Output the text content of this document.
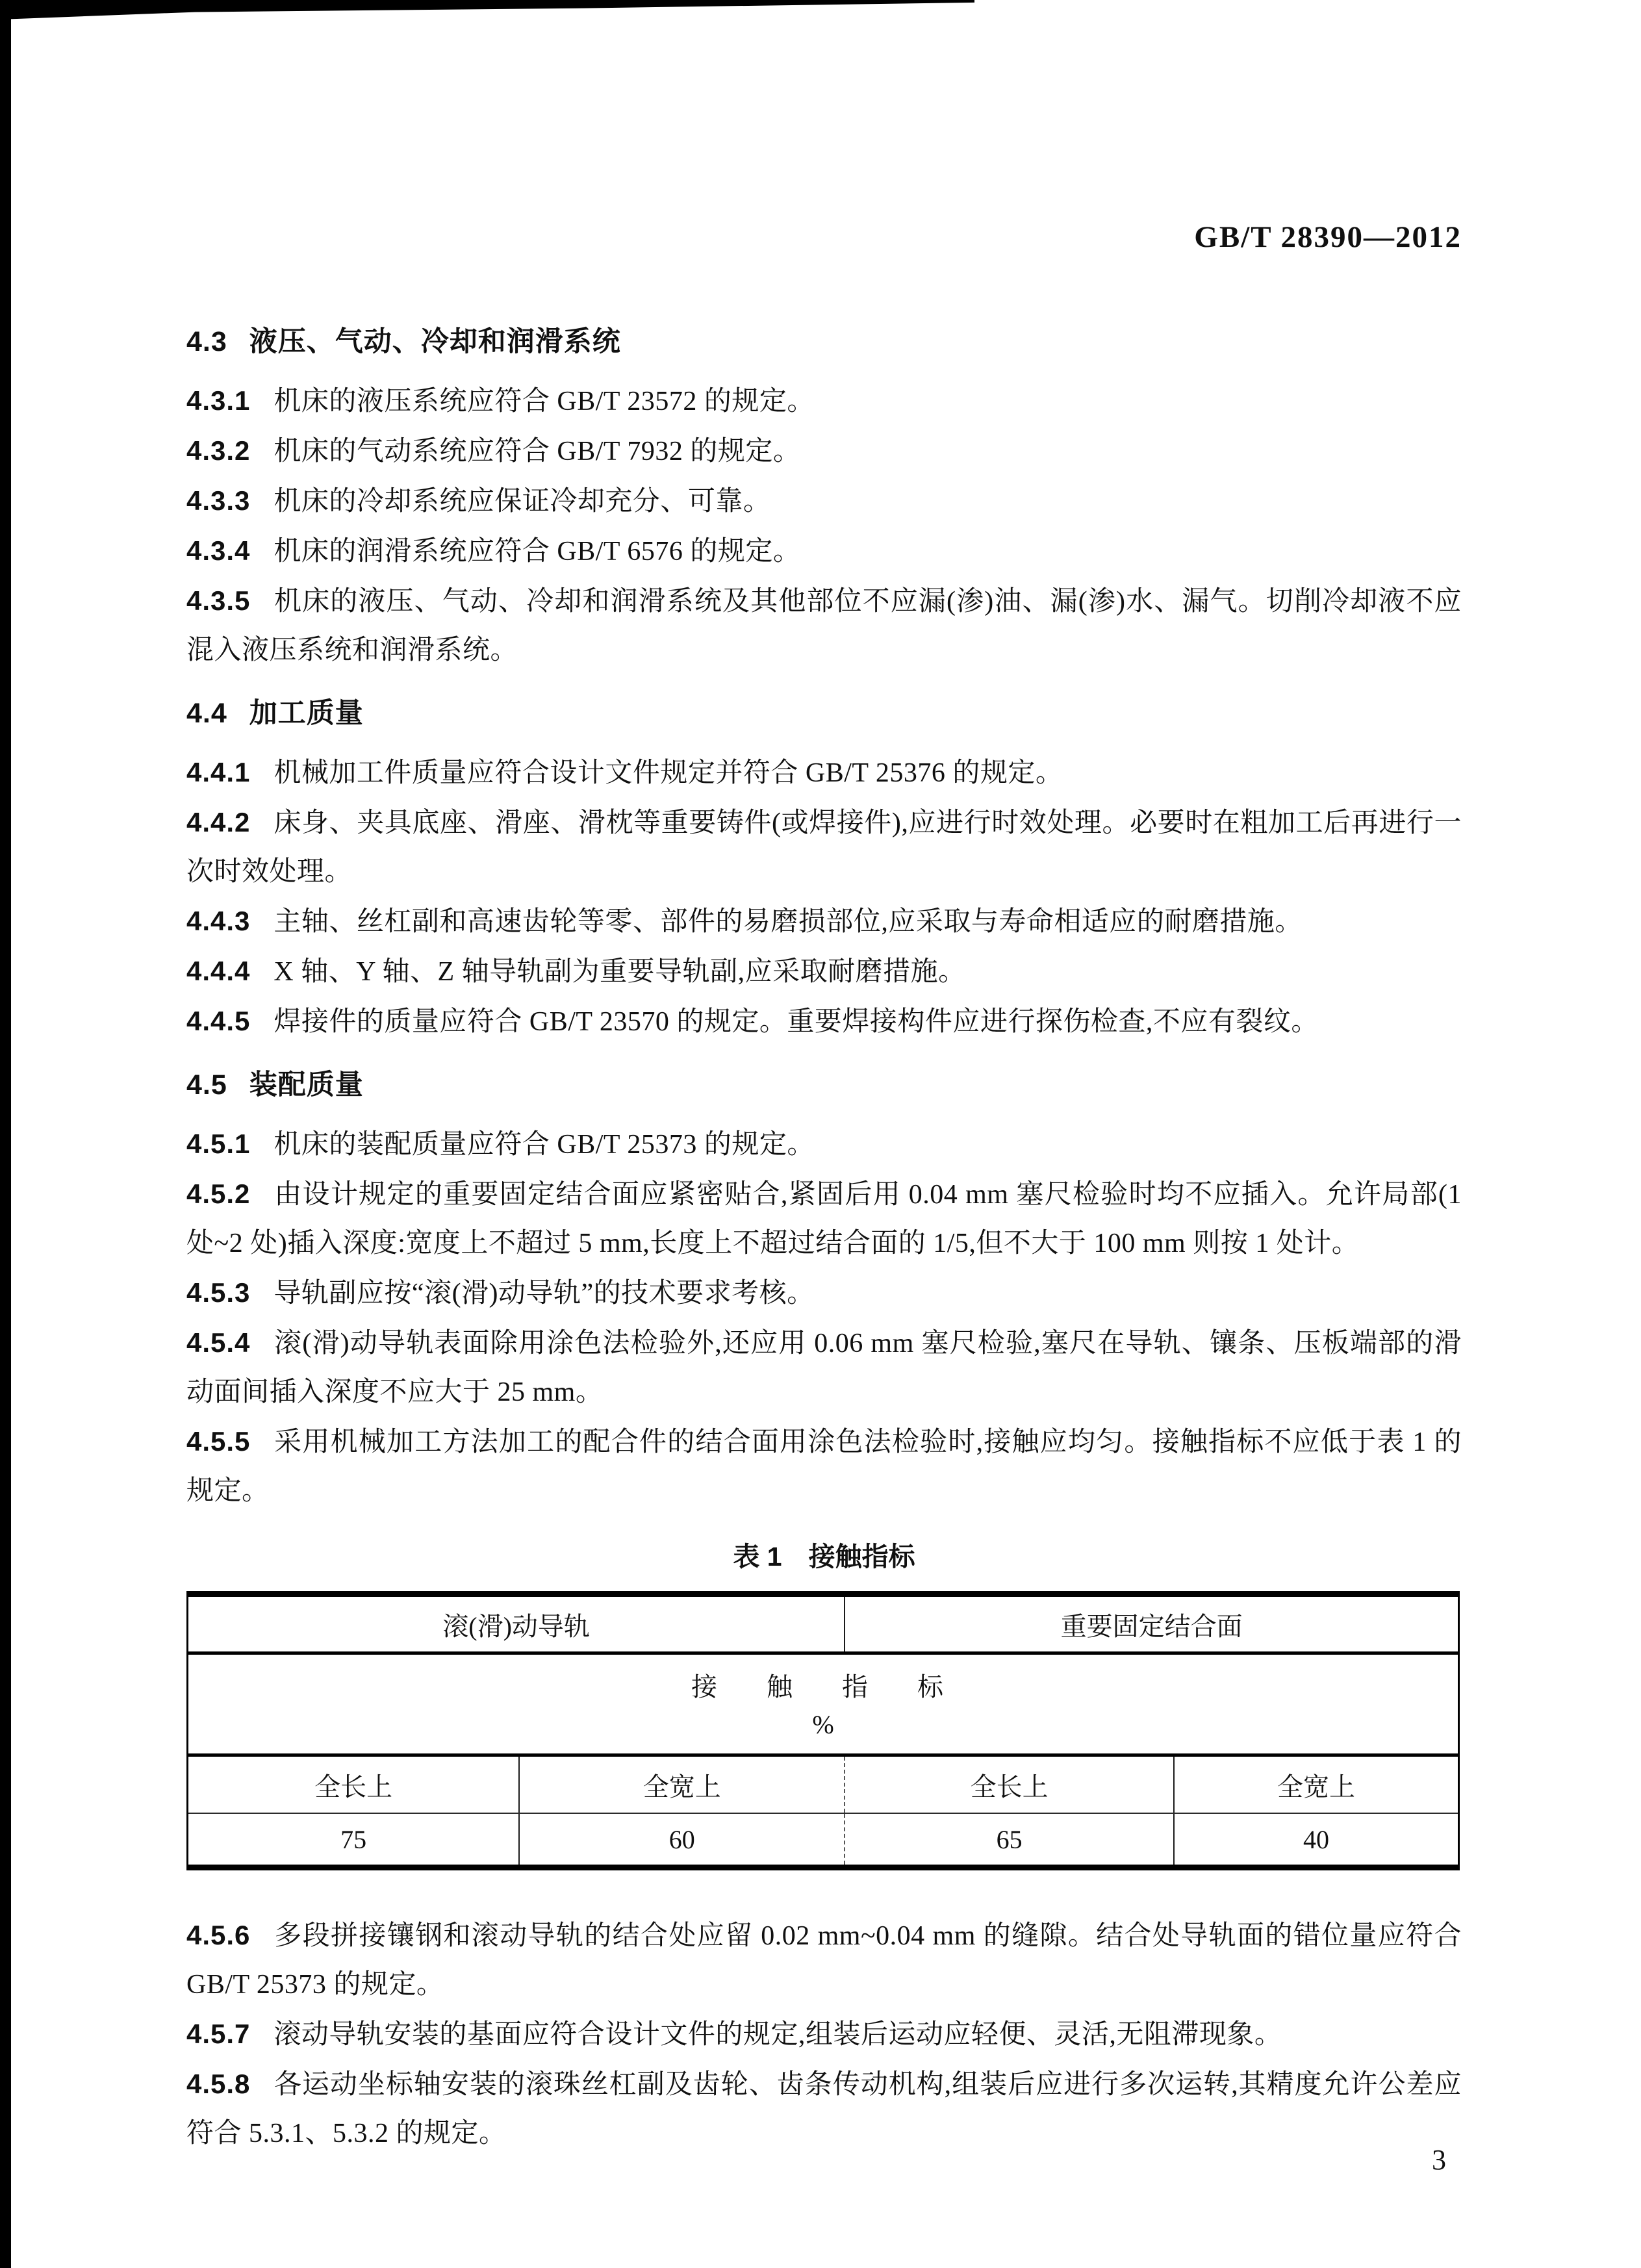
GB/T 28390—2012
4.3 液压、气动、冷却和润滑系统

4.3.1 机床的液压系统应符合 GB/T 23572 的规定。

4.3.2 机床的气动系统应符合 GB/T 7932 的规定。

4.3.3 机床的冷却系统应保证冷却充分、可靠。

4.3.4 机床的润滑系统应符合 GB/T 6576 的规定。

4.3.5 机床的液压、气动、冷却和润滑系统及其他部位不应漏(渗)油、漏(渗)水、漏气。切削冷却液不应混入液压系统和润滑系统。

4.4 加工质量

4.4.1 机械加工件质量应符合设计文件规定并符合 GB/T 25376 的规定。

4.4.2 床身、夹具底座、滑座、滑枕等重要铸件(或焊接件),应进行时效处理。必要时在粗加工后再进行一次时效处理。

4.4.3 主轴、丝杠副和高速齿轮等零、部件的易磨损部位,应采取与寿命相适应的耐磨措施。

4.4.4 X 轴、Y 轴、Z 轴导轨副为重要导轨副,应采取耐磨措施。

4.4.5 焊接件的质量应符合 GB/T 23570 的规定。重要焊接构件应进行探伤检查,不应有裂纹。

4.5 装配质量

4.5.1 机床的装配质量应符合 GB/T 25373 的规定。

4.5.2 由设计规定的重要固定结合面应紧密贴合,紧固后用 0.04 mm 塞尺检验时均不应插入。允许局部(1 处~2 处)插入深度:宽度上不超过 5 mm,长度上不超过结合面的 1/5,但不大于 100 mm 则按 1 处计。

4.5.3 导轨副应按“滚(滑)动导轨”的技术要求考核。

4.5.4 滚(滑)动导轨表面除用涂色法检验外,还应用 0.06 mm 塞尺检验,塞尺在导轨、镶条、压板端部的滑动面间插入深度不应大于 25 mm。

4.5.5 采用机械加工方法加工的配合件的结合面用涂色法检验时,接触应均匀。接触指标不应低于表 1 的规定。

表 1　接触指标
滚(滑)动导轨		重要固定结合面	

接　触　指　标
%			

全长上	全宽上	全长上	全宽上
75	60	65	40

4.5.6 多段拼接镶钢和滚动导轨的结合处应留 0.02 mm~0.04 mm 的缝隙。结合处导轨面的错位量应符合 GB/T 25373 的规定。

4.5.7 滚动导轨安装的基面应符合设计文件的规定,组装后运动应轻便、灵活,无阻滞现象。

4.5.8 各运动坐标轴安装的滚珠丝杠副及齿轮、齿条传动机构,组装后应进行多次运转,其精度允许公差应符合 5.3.1、5.3.2 的规定。

3
